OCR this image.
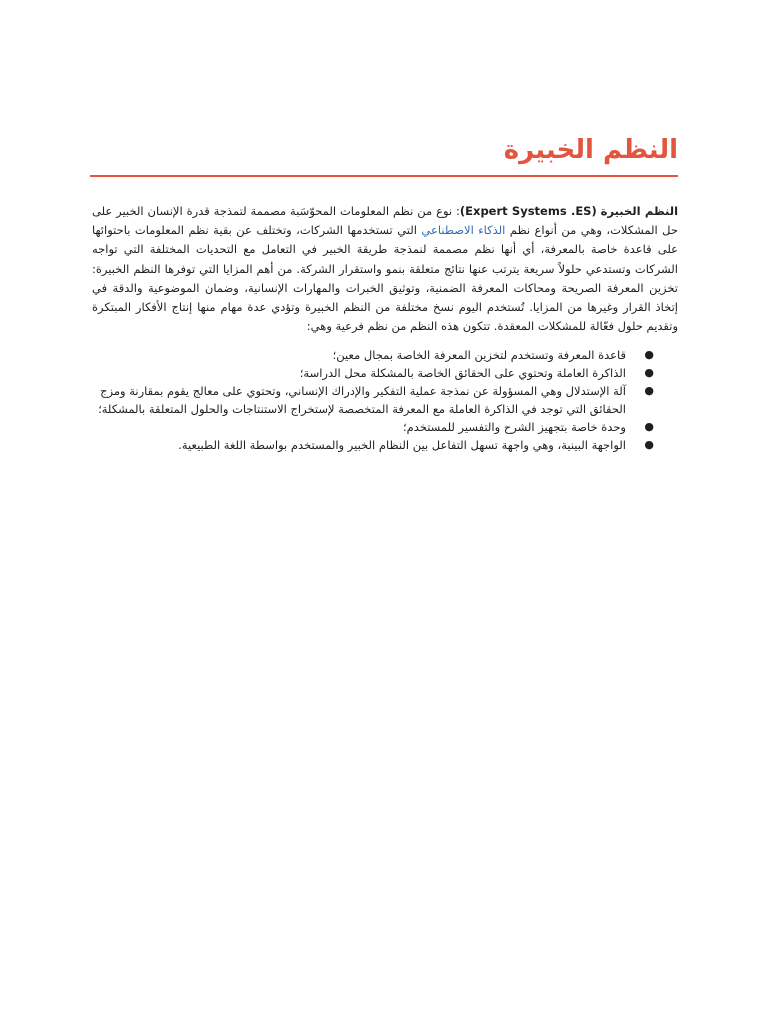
النظم الخبيرة

النظم الخبيرة (Expert Systems .ES): نوع من نظم المعلومات المحوّسَبة مصممة لتمذجة قدرة الإنسان الخبير على حل المشكلات، وهي من أنواع نظم الذكاء الاصطناعي التي تستخدمها الشركات، وتختلف عن بقية نظم المعلومات باحتوائها على قاعدة خاصة بالمعرفة، أي أنها نظم مصممة لنمذجة طريقة الخبير في التعامل مع التحديات المختلفة التي تواجه الشركات وتستدعي حلولاً سريعة يترتب عنها نتائج متعلقة بنمو واستقرار الشركة. من أهم المزايا التي توفرها النظم الخبيرة: تخزين المعرفة الصريحة ومحاكات المعرفة الضمنية، وتوثيق الخبرات والمهارات الإنسانية، وضمان الموضوعية والدقة في إتخاذ القرار وغيرها من المزايا. تُستخدم اليوم نسخ مختلفة من النظم الخبيرة وتؤدي عدة مهام منها إنتاج الأفكار المبتكرة وتقديم حلول فعّالة للمشكلات المعقدة. تتكون هذه النظم من نظم فرعية وهي:

●
قاعدة المعرفة وتستخدم لتخزين المعرفة الخاصة بمجال معين؛
●
الذاكرة العاملة وتحتوي على الحقائق الخاصة بالمشكلة محل الدراسة؛
●
آلة الإستدلال وهي المسؤولة عن نمذجة عملية التفكير والإدراك الإنساني، وتحتوي على معالج يقوم بمقارنة ومزج الحقائق التي توجد في الذاكرة العاملة مع المعرفة المتخصصة لإستخراج الاستنتاجات والحلول المتعلقة بالمشكلة؛
●
وحدة خاصة بتجهيز الشرح والتفسير للمستخدم؛
●
الواجهة البينية، وهي واجهة تسهل التفاعل بين النظام الخبير والمستخدم بواسطة اللغة الطبيعية.
